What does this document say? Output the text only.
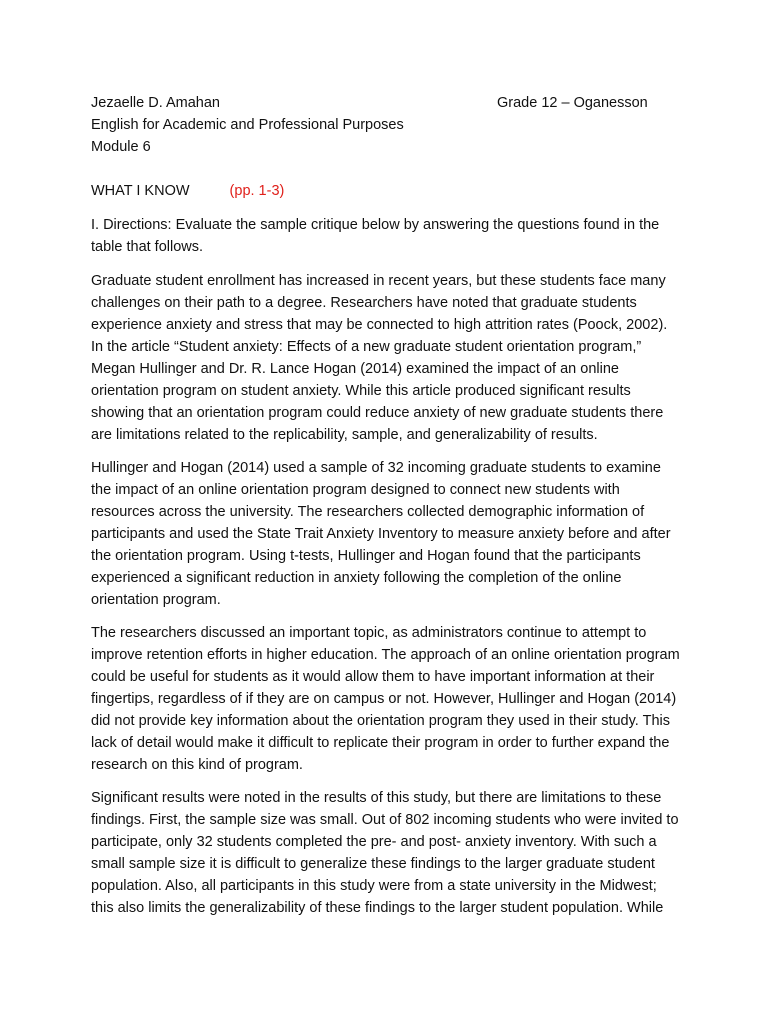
Jezaelle D. Amahan	Grade 12 – Oganesson
English for Academic and Professional Purposes
Module 6
WHAT I KNOW	(pp. 1-3)

I. Directions: Evaluate the sample critique below by answering the questions found in the table that follows.

Graduate student enrollment has increased in recent years, but these students face many challenges on their path to a degree. Researchers have noted that graduate students experience anxiety and stress that may be connected to high attrition rates (Poock, 2002). In the article “Student anxiety: Effects of a new graduate student orientation program,” Megan Hullinger and Dr. R. Lance Hogan (2014) examined the impact of an online orientation program on student anxiety. While this article produced significant results showing that an orientation program could reduce anxiety of new graduate students there are limitations related to the replicability, sample, and generalizability of results.

Hullinger and Hogan (2014) used a sample of 32 incoming graduate students to examine the impact of an online orientation program designed to connect new students with resources across the university. The researchers collected demographic information of participants and used the State Trait Anxiety Inventory to measure anxiety before and after the orientation program. Using t-tests, Hullinger and Hogan found that the participants experienced a significant reduction in anxiety following the completion of the online orientation program.

The researchers discussed an important topic, as administrators continue to attempt to improve retention efforts in higher education. The approach of an online orientation program could be useful for students as it would allow them to have important information at their fingertips, regardless of if they are on campus or not. However, Hullinger and Hogan (2014) did not provide key information about the orientation program they used in their study. This lack of detail would make it difficult to replicate their program in order to further expand the research on this kind of program.

Significant results were noted in the results of this study, but there are limitations to these findings. First, the sample size was small. Out of 802 incoming students who were invited to participate, only 32 students completed the pre- and post- anxiety inventory. With such a small sample size it is difficult to generalize these findings to the larger graduate student population. Also, all participants in this study were from a state university in the Midwest; this also limits the generalizability of these findings to the larger student population. While
